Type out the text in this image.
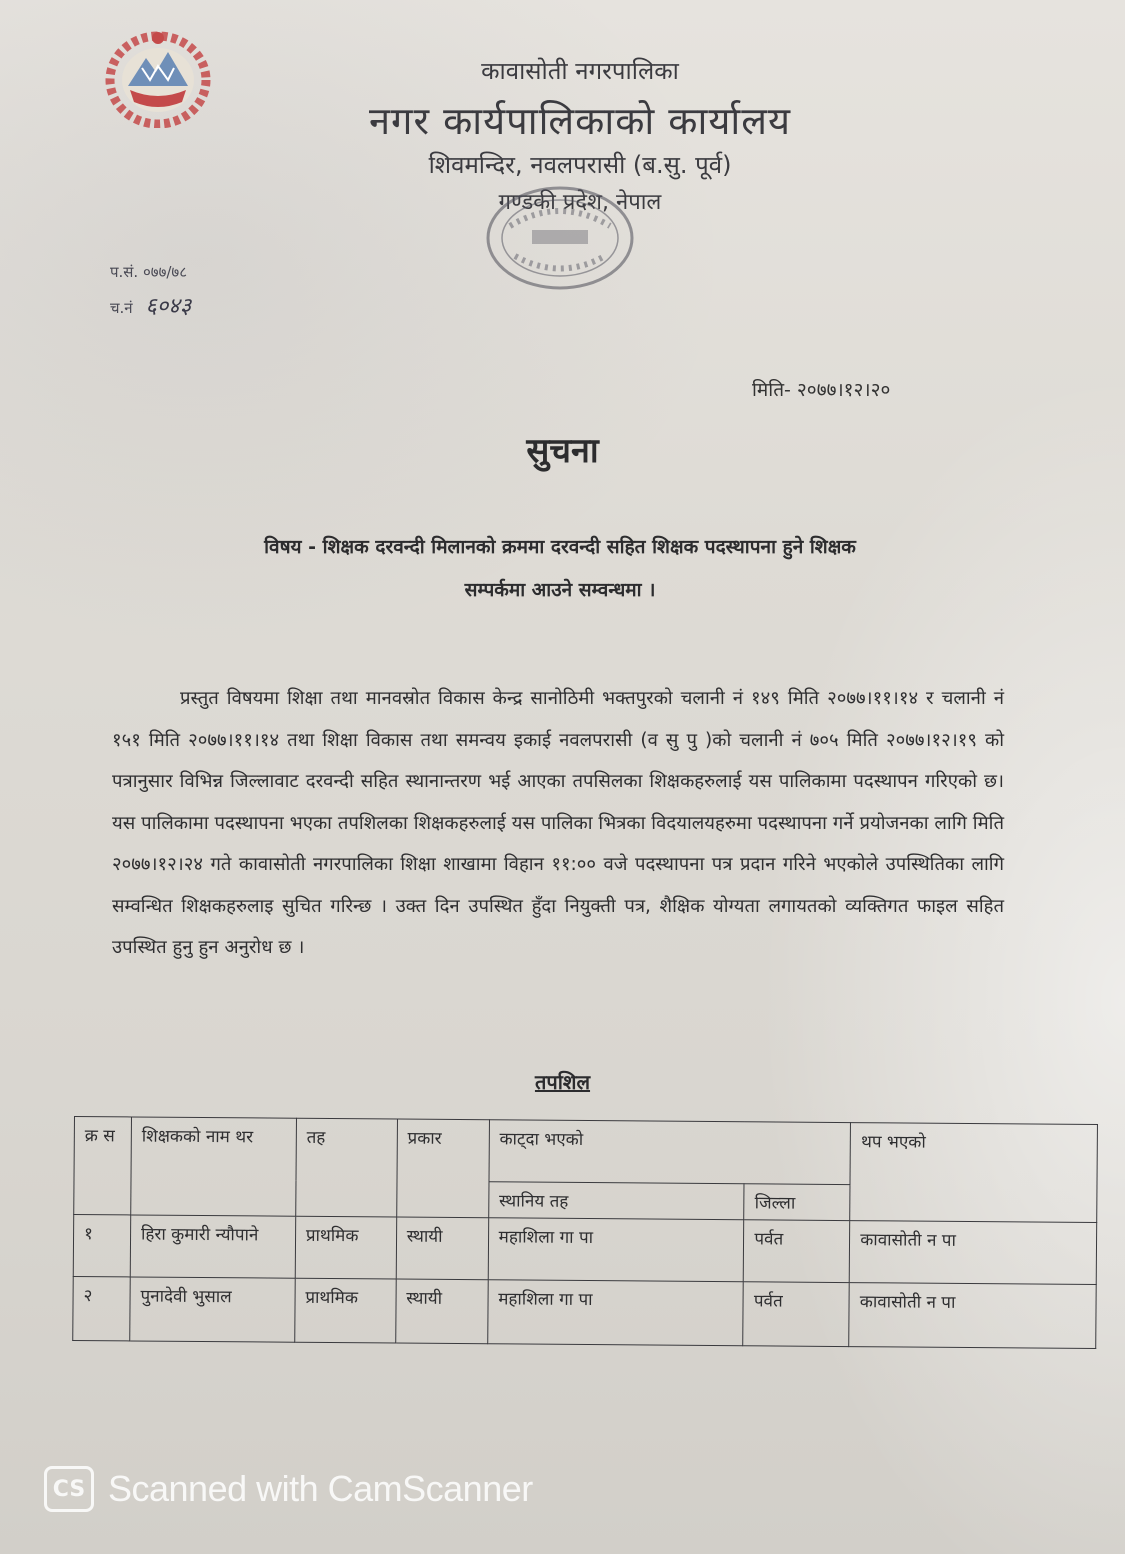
कावासोती नगरपालिका
नगर कार्यपालिकाको कार्यालय
शिवमन्दिर, नवलपरासी (ब.सु. पूर्व)
गण्डकी प्रदेश, नेपाल
प.सं. ०७७/७८
च.नं ६०४३
मिति- २०७७।१२।२०
सुचना
विषय - शिक्षक दरवन्दी मिलानको क्रममा दरवन्दी सहित शिक्षक पदस्थापना हुने शिक्षक
सम्पर्कमा आउने सम्वन्धमा ।
प्रस्तुत विषयमा शिक्षा तथा मानवस्रोत विकास केन्द्र सानोठिमी भक्तपुरको चलानी नं १४९ मिति २०७७।११।१४ र चलानी नं १५१ मिति २०७७।११।१४ तथा शिक्षा विकास तथा समन्वय इकाई नवलपरासी (व सु पु )को चलानी नं ७०५ मिति २०७७।१२।१९ को पत्रानुसार विभिन्न जिल्लावाट दरवन्दी सहित स्थानान्तरण भई आएका तपसिलका शिक्षकहरुलाई यस पालिकामा पदस्थापन गरिएको छ। यस पालिकामा पदस्थापना भएका तपशिलका शिक्षकहरुलाई यस पालिका भित्रका विदयालयहरुमा पदस्थापना गर्ने प्रयोजनका लागि मिति २०७७।१२।२४ गते कावासोती नगरपालिका शिक्षा शाखामा विहान ११:०० वजे पदस्थापना पत्र प्रदान गरिने भएकोले उपस्थितिका लागि सम्वन्धित शिक्षकहरुलाइ सुचित गरिन्छ । उक्त दिन उपस्थित हुँदा नियुक्ती पत्र, शैक्षिक योग्यता लगायतको व्यक्तिगत फाइल सहित उपस्थित हुनु हुन अनुरोध छ ।
तपशिल
क्र स	शिक्षकको नाम थर	तह	प्रकार	काट्दा भएको		थप भएको
				स्थानिय तह	जिल्ला	
१	हिरा कुमारी न्यौपाने	प्राथमिक	स्थायी	महाशिला गा पा	पर्वत	कावासोती न पा
२	पुनादेवी भुसाल	प्राथमिक	स्थायी	महाशिला गा पा	पर्वत	कावासोती न पा
CS Scanned with CamScanner
